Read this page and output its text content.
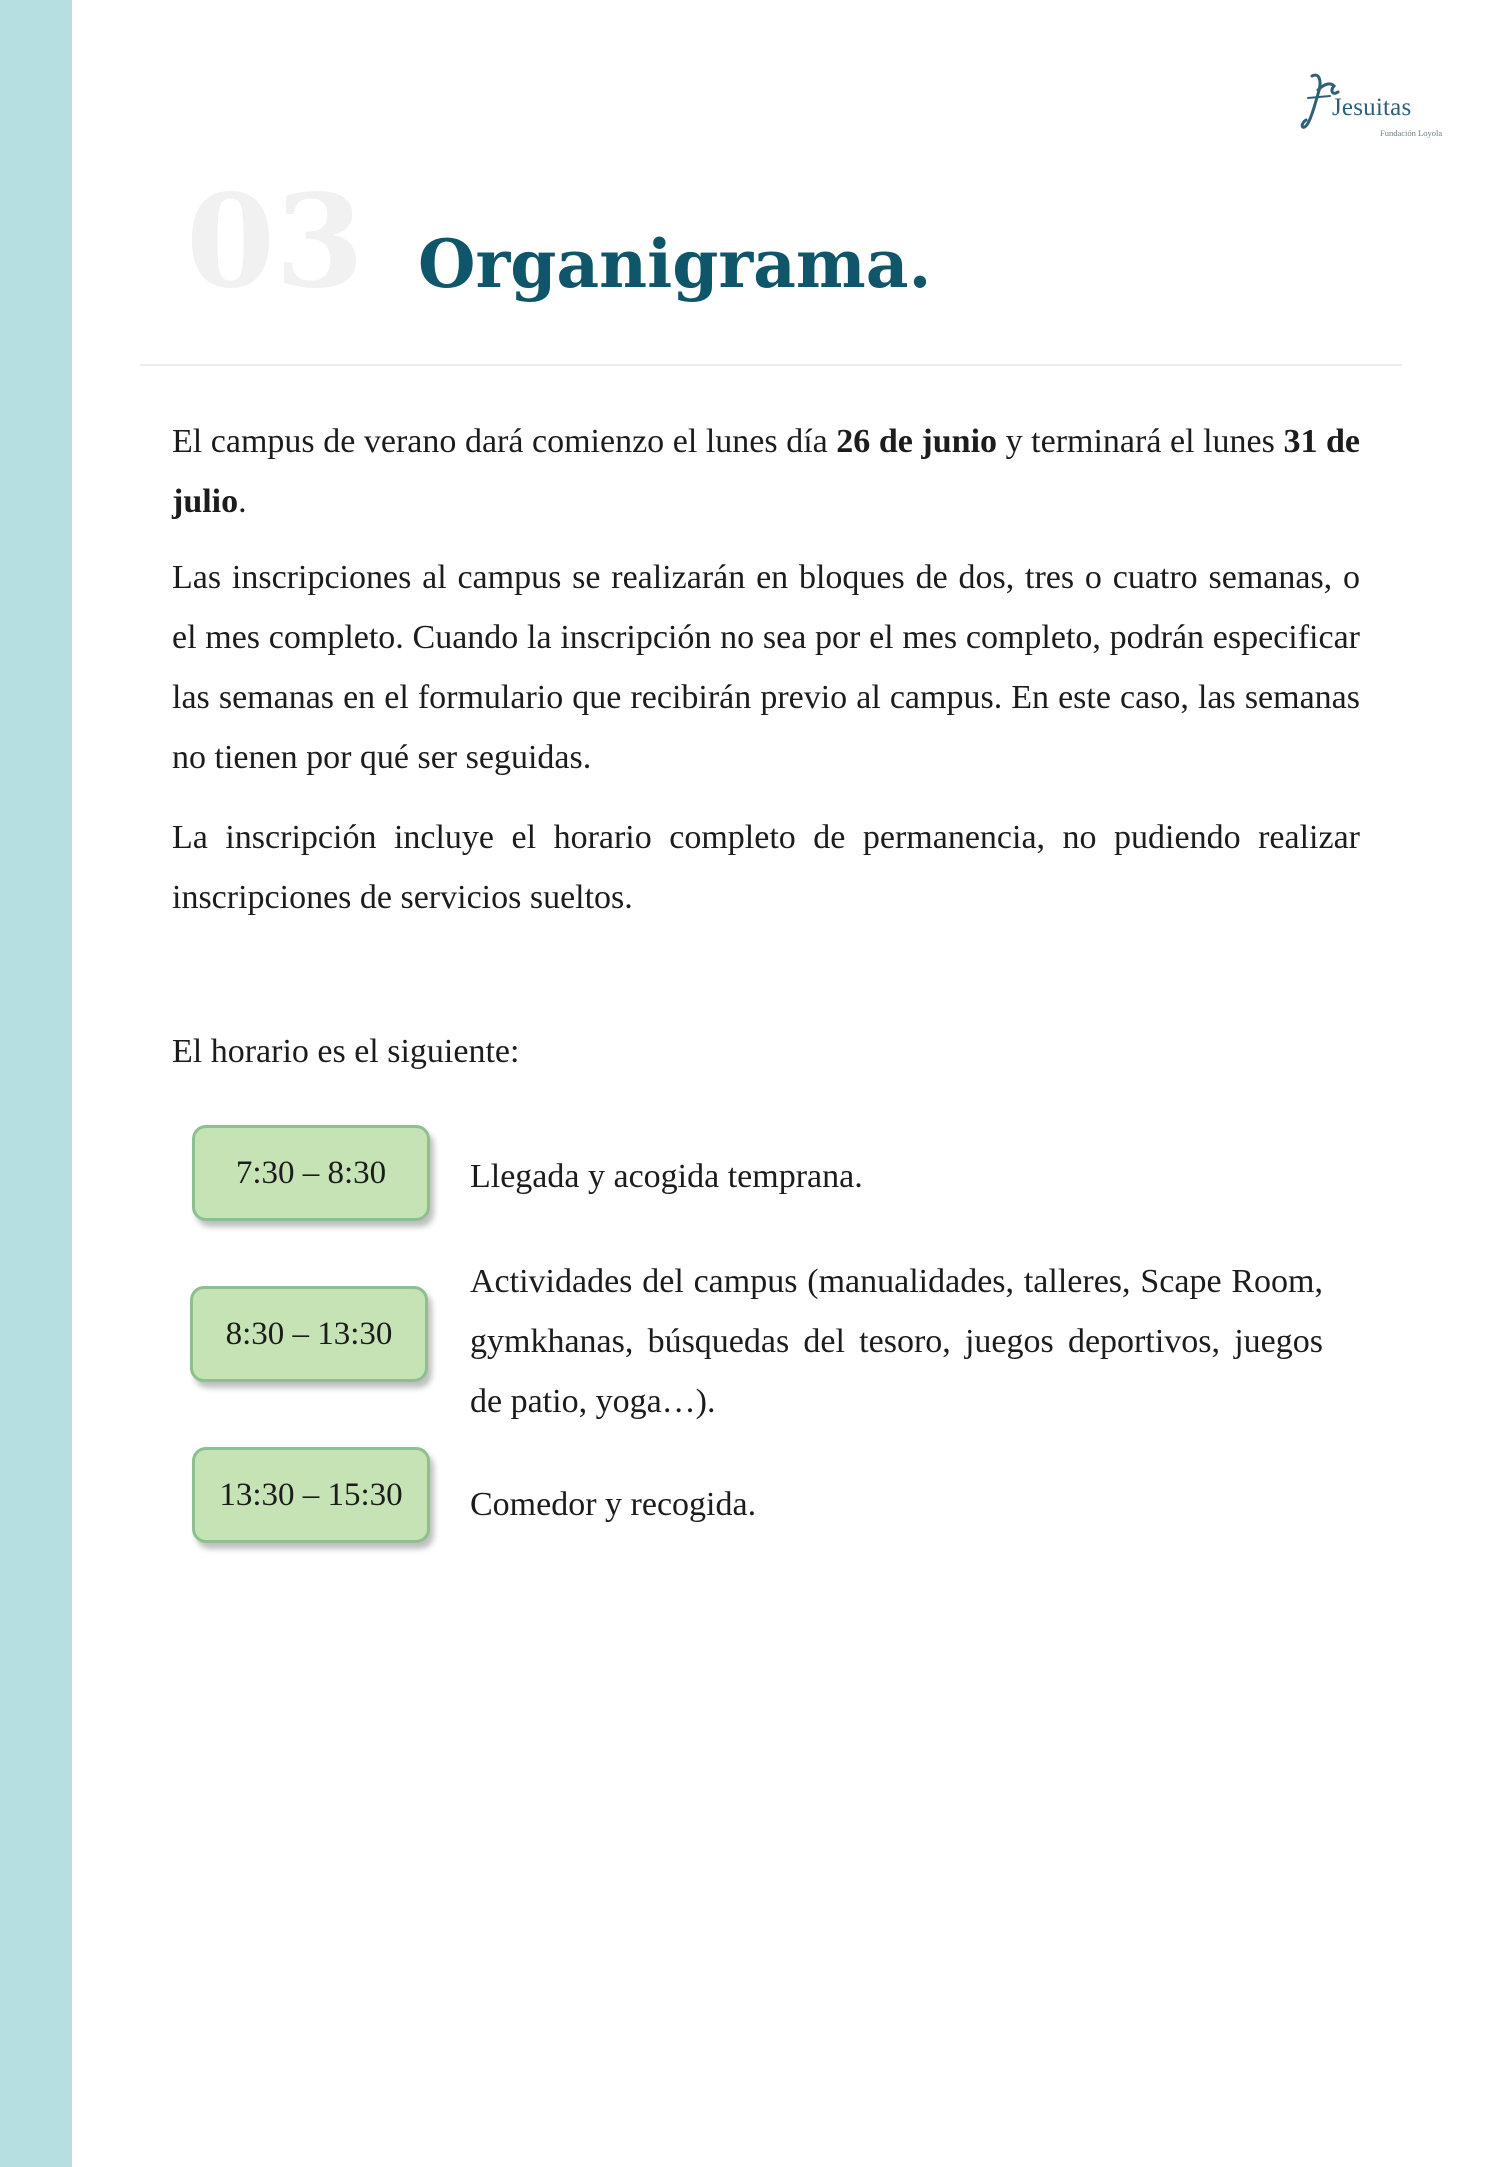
Jesuitas
Fundación Loyola
03 Organigrama.

El campus de verano dará comienzo el lunes día 26 de junio y terminará el lunes 31 de julio.

Las inscripciones al campus se realizarán en bloques de dos, tres o cuatro semanas, o el mes completo. Cuando la inscripción no sea por el mes completo, podrán especificar las semanas en el formulario que recibirán previo al campus. En este caso, las semanas no tienen por qué ser seguidas.

La inscripción incluye el horario completo de permanencia, no pudiendo realizar inscripciones de servicios sueltos.

El horario es el siguiente:

7:30 – 8:30	Llegada y acogida temprana.

8:30 – 13:30

Actividades del campus (manualidades, talleres, Scape Room, gymkhanas, búsquedas del tesoro, juegos deportivos, juegos de patio, yoga…).

13:30 – 15:30	Comedor y recogida.
